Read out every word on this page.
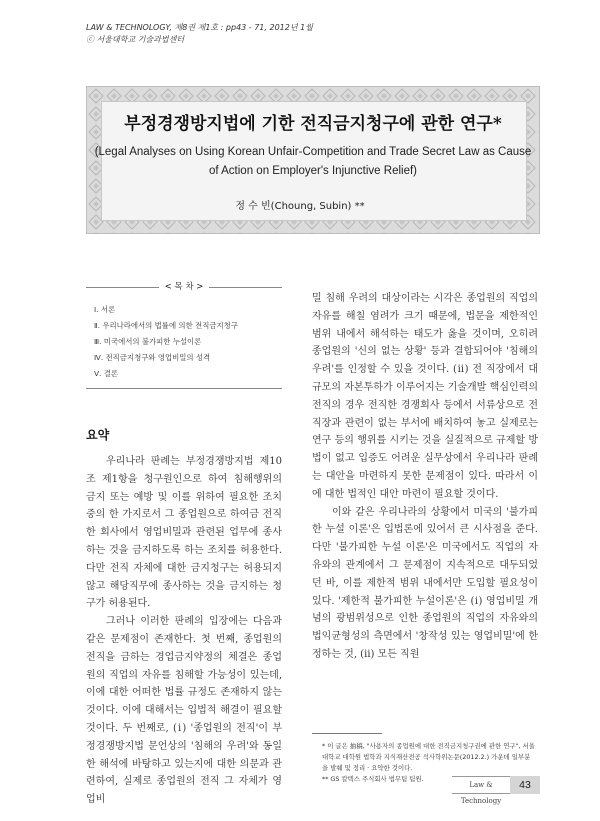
LAW & TECHNOLOGY, 제8권 제1호 : pp43 - 71, 2012년 1월
ⓒ 서울대학교 기술과법센터
부정경쟁방지법에 기한 전직금지청구에 관한 연구*
(Legal Analyses on Using Korean Unfair-Competition and Trade Secret Law as Cause of Action on Employer's Injunctive Relief)
정 수 빈(Choung, Subin) **
< 목 차 >
Ⅰ. 서론
Ⅱ. 우리나라에서의 법률에 의한 전직금지청구
Ⅲ. 미국에서의 불가피한 누설이론
Ⅳ. 전직금지청구와 영업비밀의 성격
Ⅴ. 결론
요약

우리나라 판례는 부정경쟁방지법 제10조 제1항을 청구원인으로 하여 침해행위의 금지 또는 예방 및 이를 위하여 필요한 조치 중의 한 가지로서 그 종업원으로 하여금 전직한 회사에서 영업비밀과 관련된 업무에 종사하는 것을 금지하도록 하는 조치를 허용한다. 다만 전직 자체에 대한 금지청구는 허용되지 않고 해당직무에 종사하는 것을 금지하는 청구가 허용된다.

그러나 이러한 판례의 입장에는 다음과 같은 문제점이 존재한다. 첫 번째, 종업원의 전직을 금하는 경업금지약정의 체결은 종업원의 직업의 자유를 침해할 가능성이 있는데, 이에 대한 어떠한 법률 규정도 존재하지 않는 것이다. 이에 대해서는 입법적 해결이 필요할 것이다. 두 번째로, (ⅰ) '종업원의 전직'이 부정경쟁방지법 문언상의 '침해의 우려'와 동일한 해석에 바탕하고 있는지에 대한 의문과 관련하여, 실제로 종업원의 전직 그 자체가 영업비

밀 침해 우려의 대상이라는 시각은 종업원의 직업의 자유를 해칠 염려가 크기 때문에, 법문을 제한적인 범위 내에서 해석하는 태도가 옳을 것이며, 오히려 종업원의 '신의 없는 상황' 등과 결합되어야 '침해의 우려'를 인정할 수 있을 것이다. (ⅱ) 전 직장에서 대규모의 자본투하가 이루어지는 기술개발 핵심인력의 전직의 경우 전직한 경쟁회사 등에서 서류상으로 전 직장과 관련이 없는 부서에 배치하여 놓고 실제로는 연구 등의 행위를 시키는 것을 실질적으로 규제할 방법이 없고 입증도 어려운 실무상에서 우리나라 판례는 대안을 마련하지 못한 문제점이 있다. 따라서 이에 대한 법적인 대안 마련이 필요할 것이다.

이와 같은 우리나라의 상황에서 미국의 '불가피한 누설 이론'은 입법론에 있어서 큰 시사점을 준다. 다만 '불가피한 누설 이론'은 미국에서도 직업의 자유와의 관계에서 그 문제점이 지속적으로 대두되었던 바, 이를 제한적 범위 내에서만 도입할 필요성이 있다. '제한적 불가피한 누설이론'은 (ⅰ) 영업비밀 개념의 광범위성으로 인한 종업원의 직업의 자유와의 법익균형성의 측면에서 '창작성 있는 영업비밀'에 한정하는 것, (ⅱ) 모든 직원

* 이 글은 抽稿, "사용자의 종업원에 대한 전직금지청구권에 관한 연구", 서울대학교 대학원 법학과 지식재산전공 석사학위논문(2012.2.) 가운데 일부분을 발췌 및 정리 · 요약한 것이다.

** GS 칼텍스 주식회사 법무팀 팀원.

Law & Technology
43
